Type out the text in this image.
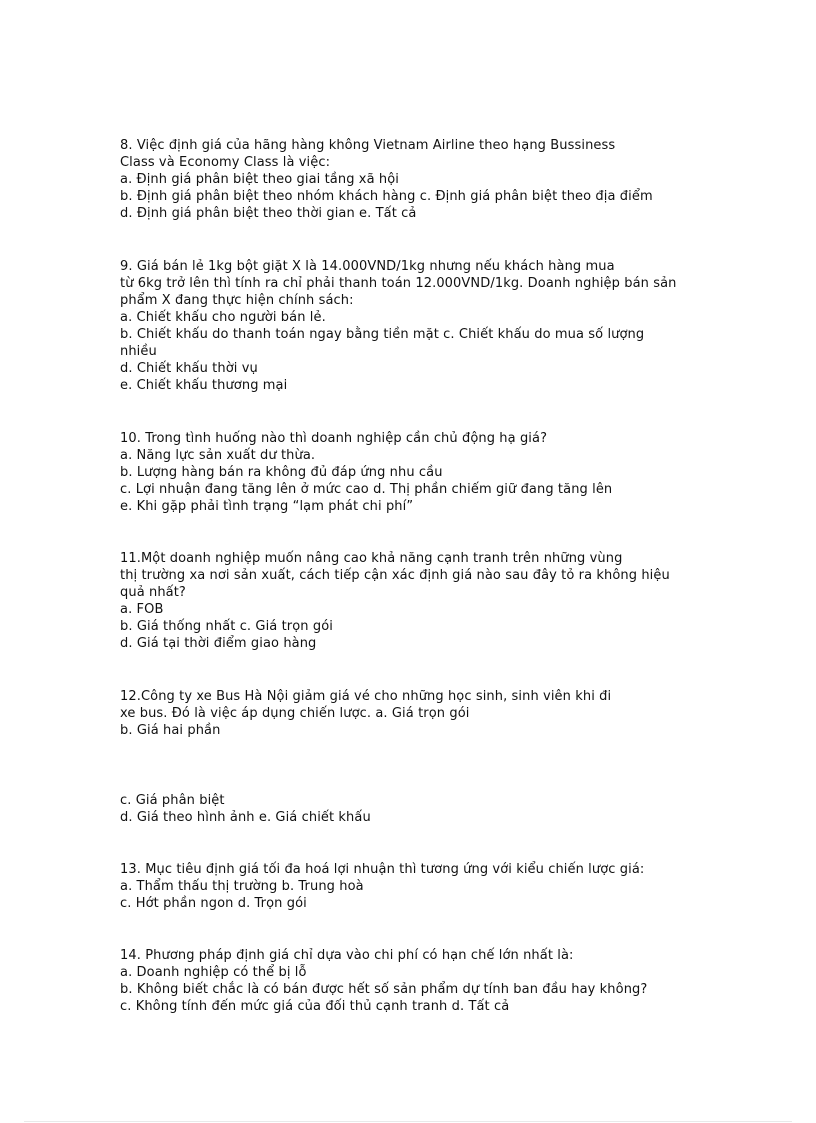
8. Việc định giá của hãng hàng không Vietnam Airline theo hạng Bussiness
Class và Economy Class là việc:
a. Định giá phân biệt theo giai tầng xã hội
b. Định giá phân biệt theo nhóm khách hàng c. Định giá phân biệt theo địa điểm
d. Định giá phân biệt theo thời gian e. Tất cả
9. Giá bán lẻ 1kg bột giặt X là 14.000VND/1kg nhưng nếu khách hàng mua
từ 6kg trở lên thì tính ra chỉ phải thanh toán 12.000VND/1kg. Doanh nghiệp bán sản
phẩm X đang thực hiện chính sách:
a. Chiết khấu cho người bán lẻ.
b. Chiết khấu do thanh toán ngay bằng tiền mặt c. Chiết khấu do mua số lượng
nhiều
d. Chiết khấu thời vụ
e. Chiết khấu thương mại
10. Trong tình huống nào thì doanh nghiệp cần chủ động hạ giá?
a. Năng lực sản xuất dư thừa.
b. Lượng hàng bán ra không đủ đáp ứng nhu cầu
c. Lợi nhuận đang tăng lên ở mức cao d. Thị phần chiếm giữ đang tăng lên
e. Khi gặp phải tình trạng “lạm phát chi phí”
11.Một doanh nghiệp muốn nâng cao khả năng cạnh tranh trên những vùng
thị trường xa nơi sản xuất, cách tiếp cận xác định giá nào sau đây tỏ ra không hiệu
quả nhất?
a. FOB
b. Giá thống nhất c. Giá trọn gói
d. Giá tại thời điểm giao hàng
12.Công ty xe Bus Hà Nội giảm giá vé cho những học sinh, sinh viên khi đi
xe bus. Đó là việc áp dụng chiến lược. a. Giá trọn gói
b. Giá hai phần
c. Giá phân biệt
d. Giá theo hình ảnh e. Giá chiết khấu
13. Mục tiêu định giá tối đa hoá lợi nhuận thì tương ứng với kiểu chiến lược giá:
a. Thẩm thấu thị trường b. Trung hoà
c. Hớt phần ngon d. Trọn gói
14. Phương pháp định giá chỉ dựa vào chi phí có hạn chế lớn nhất là:
a. Doanh nghiệp có thể bị lỗ
b. Không biết chắc là có bán được hết số sản phẩm dự tính ban đầu hay không?
c. Không tính đến mức giá của đối thủ cạnh tranh d. Tất cả
